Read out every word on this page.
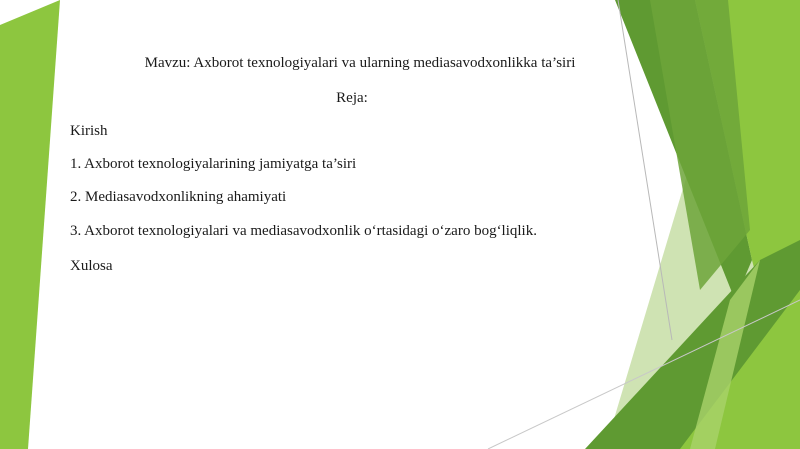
Mavzu: Axborot texnologiyalari va ularning mediasavodxonlikka ta’siri
Reja:
Kirish
1. Axborot texnologiyalarining jamiyatga ta’siri
2. Mediasavodxonlikning ahamiyati
3. Axborot texnologiyalari va mediasavodxonlik o‘rtasidagi o‘zaro bog‘liqlik.
Xulosa
